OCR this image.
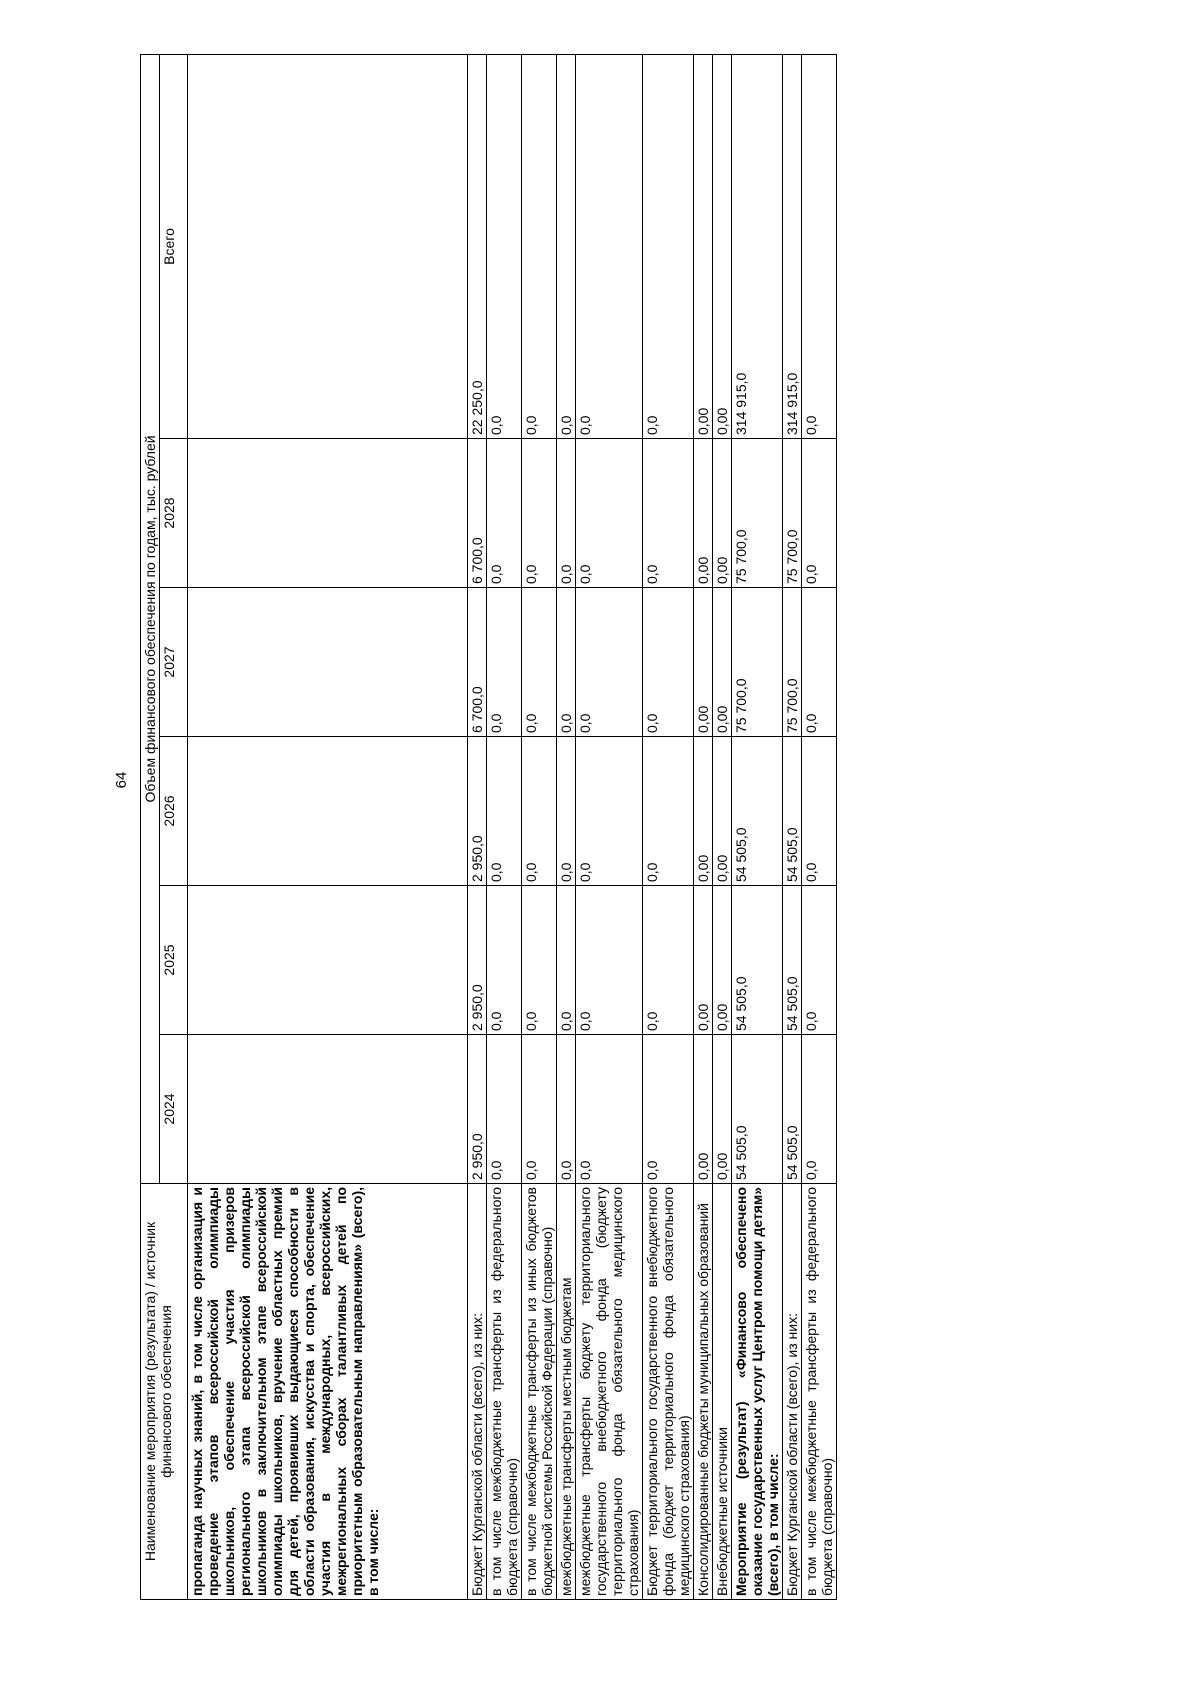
64
Наименование мероприятия (результата) / источник финансового обеспечения	Объем финансового обеспечения по годам, тыс. рублей					
	2024	2025	2026	2027	2028	Всего
пропаганда научных знаний, в том числе организация и проведение этапов всероссийской олимпиады школьников, обеспечение участия призеров регионального этапа всероссийской олимпиады школьников в заключительном этапе всероссийской олимпиады школьников, вручение областных премий для детей, проявивших выдающиеся способности в области образования, искусства и спорта, обеспечение участия в международных, всероссийских, межрегиональных сборах талантливых детей по приоритетным образовательным направлениям» (всего), в том числе:						
Бюджет Курганской области (всего), из них:	2 950,0	2 950,0	2 950,0	6 700,0	6 700,0	22 250,0
в том числе межбюджетные трансферты из федерального бюджета (справочно)	0,0	0,0	0,0	0,0	0,0	0,0
в том числе межбюджетные трансферты из иных бюджетов бюджетной системы Российской Федерации (справочно)	0,0	0,0	0,0	0,0	0,0	0,0
межбюджетные трансферты местным бюджетам	0,0	0,0	0,0	0,0	0,0	0,0
межбюджетные трансферты бюджету территориального государственного внебюджетного фонда (бюджету территориального фонда обязательного медицинского страхования)	0,0	0,0	0,0	0,0	0,0	0,0
Бюджет территориального государственного внебюджетного фонда (бюджет территориального фонда обязательного медицинского страхования)	0,0	0,0	0,0	0,0	0,0	0,0
Консолидированные бюджеты муниципальных образований	0,00	0,00	0,00	0,00	0,00	0,00
Внебюджетные источники	0,00	0,00	0,00	0,00	0,00	0,00
Мероприятие (результат) «Финансово обеспечено оказание государственных услуг Центром помощи детям» (всего), в том числе:	54 505,0	54 505,0	54 505,0	75 700,0	75 700,0	314 915,0
Бюджет Курганской области (всего), из них:	54 505,0	54 505,0	54 505,0	75 700,0	75 700,0	314 915,0
в том числе межбюджетные трансферты из федерального бюджета (справочно)	0,0	0,0	0,0	0,0	0,0	0,0
